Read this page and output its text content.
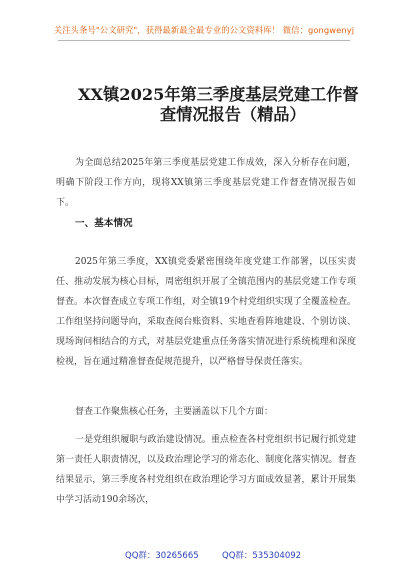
关注头条号"公文研究"，获得最新最全最专业的公文资料库！ 微信：gongwenyj
XX镇2025年第三季度基层党建工作督
查情况报告（精品）

为全面总结2025年第三季度基层党建工作成效，深入分析存在问题，明确下阶段工作方向，现将XX镇第三季度基层党建工作督查情况报告如下。

一、基本情况

2025年第三季度，XX镇党委紧密围绕年度党建工作部署，以压实责任、推动发展为核心目标，周密组织开展了全镇范围内的基层党建工作专项督查。本次督查成立专项工作组，对全镇19个村党组织实现了全覆盖检查。工作组坚持问题导向，采取查阅台账资料、实地查看阵地建设、个别访谈、现场询问相结合的方式，对基层党建重点任务落实情况进行系统梳理和深度检视，旨在通过精准督查促规范提升，以严格督导保责任落实。

督查工作聚焦核心任务，主要涵盖以下几个方面：

一是党组织履职与政治建设情况。重点检查各村党组织书记履行抓党建第一责任人职责情况，以及政治理论学习的常态化、制度化落实情况。督查结果显示，第三季度各村党组织在政治理论学习方面成效显著，累计开展集中学习活动190余场次，

QQ群：30265665	QQ群：535304092
